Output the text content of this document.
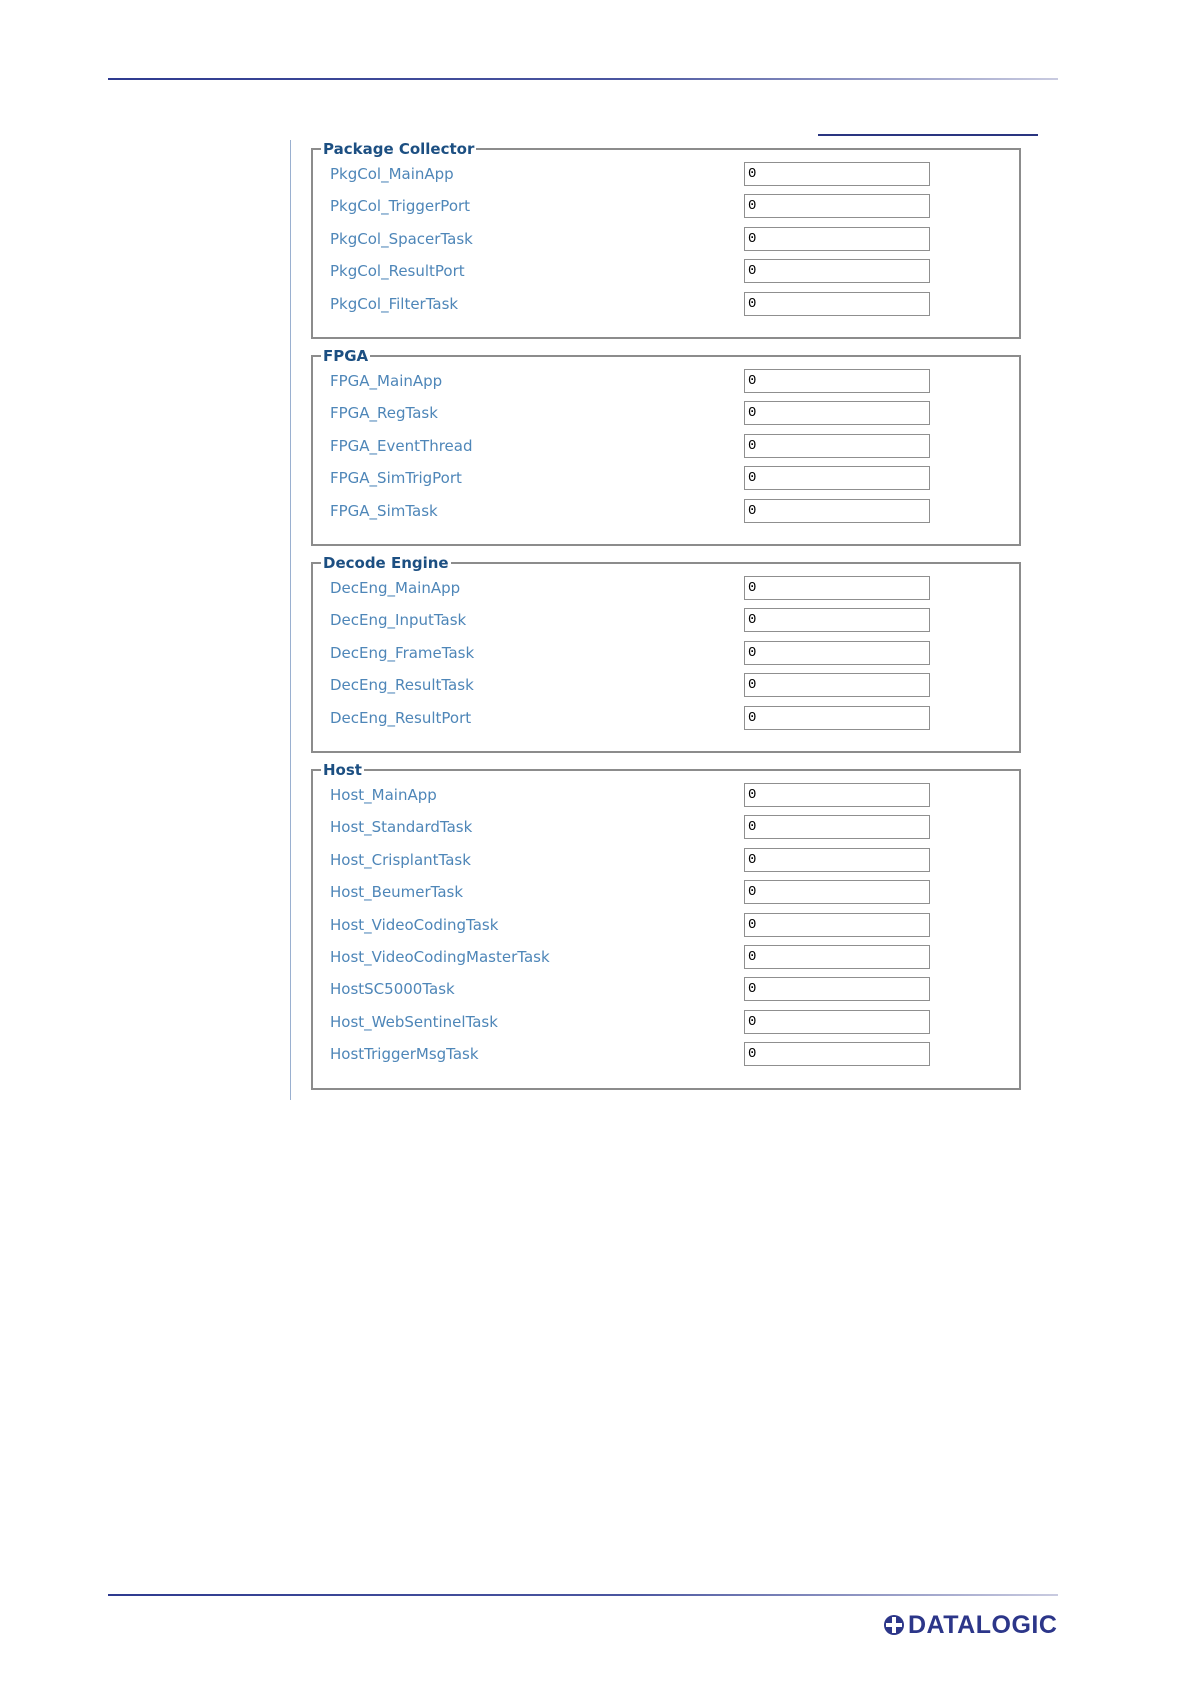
Package Collector
PkgCol_MainApp
0
PkgCol_TriggerPort
0
PkgCol_SpacerTask
0
PkgCol_ResultPort
0
PkgCol_FilterTask
0
FPGA
FPGA_MainApp
0
FPGA_RegTask
0
FPGA_EventThread
0
FPGA_SimTrigPort
0
FPGA_SimTask
0
Decode Engine
DecEng_MainApp
0
DecEng_InputTask
0
DecEng_FrameTask
0
DecEng_ResultTask
0
DecEng_ResultPort
0
Host
Host_MainApp
0
Host_StandardTask
0
Host_CrisplantTask
0
Host_BeumerTask
0
Host_VideoCodingTask
0
Host_VideoCodingMasterTask
0
HostSC5000Task
0
Host_WebSentinelTask
0
HostTriggerMsgTask
0
DATALOGIC
